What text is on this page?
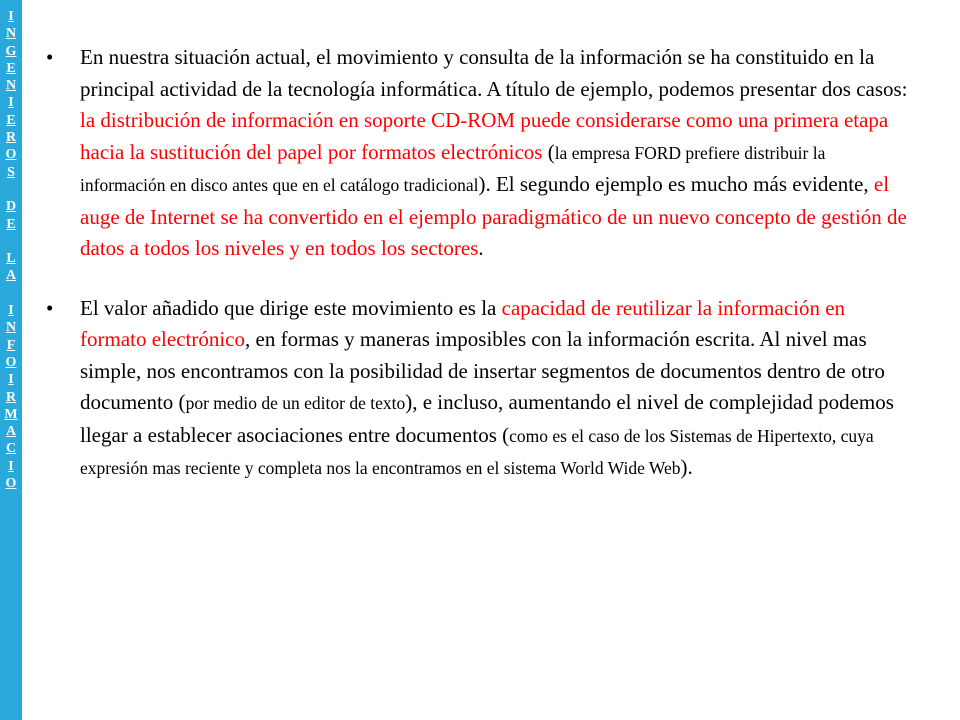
I
N
G
E
N
I
E
R
O
S
D
E
L
A
I
N
F
O
I
R
M
A
C
I
O

• En nuestra situación actual, el movimiento y consulta de la información se ha constituido en la principal actividad de la tecnología informática. A título de ejemplo, podemos presentar dos casos: la distribución de información en soporte CD-ROM puede considerarse como una primera etapa hacia la sustitución del papel por formatos electrónicos (la empresa FORD prefiere distribuir la información en disco antes que en el catálogo tradicional). El segundo ejemplo es mucho más evidente, el auge de Internet se ha convertido en el ejemplo paradigmático de un nuevo concepto de gestión de datos a todos los niveles y en todos los sectores.

• El valor añadido que dirige este movimiento es la capacidad de reutilizar la información en formato electrónico, en formas y maneras imposibles con la información escrita. Al nivel mas simple, nos encontramos con la posibilidad de insertar segmentos de documentos dentro de otro documento (por medio de un editor de texto), e incluso, aumentando el nivel de complejidad podemos llegar a establecer asociaciones entre documentos (como es el caso de los Sistemas de Hipertexto, cuya expresión mas reciente y completa nos la encontramos en el sistema World Wide Web).
